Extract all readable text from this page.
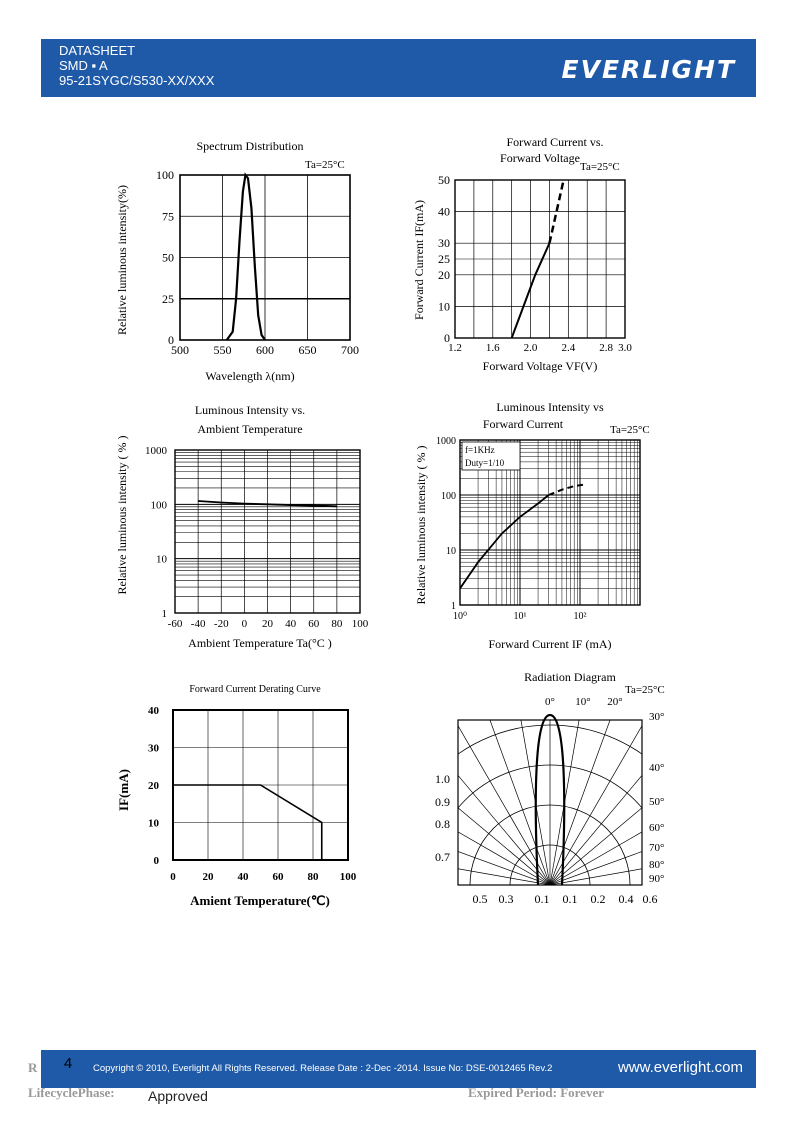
DATASHEET
SMD ▪ A
95-21SYGC/S530-XX/XXX	EVERLIGHT
Spectrum Distribution
Ta=25°C
0
25
50
75
100
500 550 600 650 700
Wavelength λ(nm)
Relative luminous intensity(%)
Forward Current vs.
Forward Voltage
Ta=25°C
0
10
20
25
30
40
50
1.2 1.6 2.0 2.4 2.8 3.0
Forward Voltage VF(V)
Forward Current IF(mA)
Luminous Intensity vs.
Ambient Temperature
1
10
100
1000
-60 -40 -20 0 20 40 60 80 100
Ambient Temperature Ta(°C )
Relative luminous intensity ( % )
Luminous Intensity vs
Forward Current	Ta=25°C
f=1KHz
Duty=1/10
1
10
100
1000
10⁰	10¹	10²
Forward Current IF (mA)
Relative luminous intensity ( % )
Forward Current Derating Curve
0
10
20
30
40
0 20 40 60 80 100
Amient Temperature(℃)
IF(mA)
Radiation Diagram
Ta=25°C
0° 10° 20°
30°
40°
50°
60°
70°
80°
90°
1.0
0.9
0.8
0.7
0.5 0.3 0.1 0.1 0.2 0.4 0.6
4	Copyright © 2010, Everlight All Rights Reserved. Release Date : 2-Dec -2014. Issue No: DSE-0012465 Rev.2	www.everlight.com
R
LifecyclePhase: Approved	Expired Period: Forever
